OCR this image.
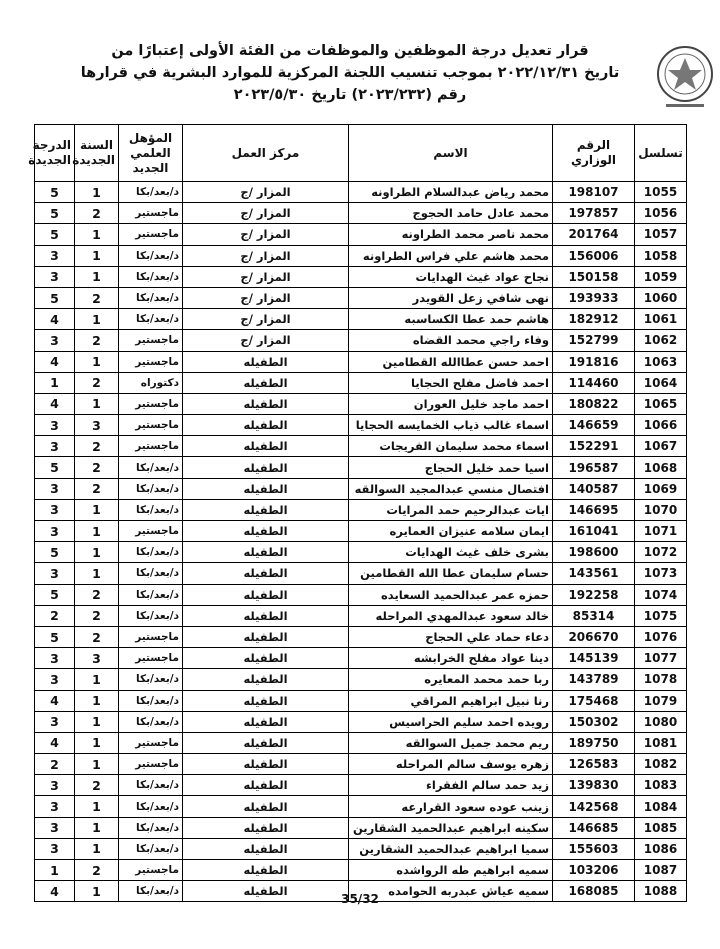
قرار تعديل درجة الموظفين والموظفات من الفئة الأولى إعتبارًا من
تاريخ ٢٠٢٢/١٢/٣١ بموجب تنسيب اللجنة المركزية للموارد البشرية في قرارها
رقم (٢٠٢٣/٢٣٢) تاريخ ٢٠٢٣/٥/٣٠
تسلسل	الرقم الوزاري	الاسم	مركز العمل	المؤهل العلمي الجديد	السنة الجديدة	الدرجة الجديدة
1055	198107	محمد رياض عبدالسلام الطراونه	المزار /ج	د/بعد/بكا	1	5
1056	197857	محمد عادل حامد الحجوج	المزار /ج	ماجستير	2	5
1057	201764	محمد ناصر محمد الطراونه	المزار /ج	ماجستير	1	5
1058	156006	محمد هاشم علي فراس الطراونه	المزار /ج	د/بعد/بكا	1	3
1059	150158	نجاح عواد غيث الهدايات	المزار /ج	د/بعد/بكا	1	3
1060	193933	نهى شافي زعل القويدر	المزار /ج	د/بعد/بكا	2	5
1061	182912	هاشم حمد عطا الكساسبه	المزار /ج	د/بعد/بكا	1	4
1062	152799	وفاء راجي محمد القضاه	المزار /ج	ماجستير	2	3
1063	191816	احمد حسن عطاالله القطامين	الطفيله	ماجستير	1	4
1064	114460	احمد فاضل مفلح الحجايا	الطفيله	دكتوراه	2	1
1065	180822	احمد ماجد خليل العوران	الطفيله	ماجستير	1	4
1066	146659	اسماء غالب ذياب الخمايسه الحجايا	الطفيله	ماجستير	3	3
1067	152291	اسماء محمد سليمان الفريجات	الطفيله	ماجستير	2	3
1068	196587	اسيا حمد خليل الحجاج	الطفيله	د/بعد/بكا	2	5
1069	140587	افتصال منسي عبدالمجيد السوالقه	الطفيله	د/بعد/بكا	2	3
1070	146695	ايات عبدالرحيم حمد المرايات	الطفيله	د/بعد/بكا	1	3
1071	161041	ايمان سلامه عنيزان العمايره	الطفيله	ماجستير	1	3
1072	198600	بشرى خلف غيث الهدايات	الطفيله	د/بعد/بكا	1	5
1073	143561	حسام سليمان عطا الله القطامين	الطفيله	د/بعد/بكا	1	3
1074	192258	حمزه عمر عبدالحميد السعايده	الطفيله	د/بعد/بكا	2	5
1075	85314	خالد سعود عبدالمهدي المراحله	الطفيله	د/بعد/بكا	2	2
1076	206670	دعاء حماد علي الحجاج	الطفيله	ماجستير	2	5
1077	145139	دينا عواد مفلح الخرابشه	الطفيله	ماجستير	3	3
1078	143789	ربا حمد محمد المعايره	الطفيله	د/بعد/بكا	1	3
1079	175468	رنا نبيل ابراهيم المراقي	الطفيله	د/بعد/بكا	1	4
1080	150302	رويده احمد سليم الحراسيس	الطفيله	د/بعد/بكا	1	3
1081	189750	ريم محمد جميل السوالقه	الطفيله	ماجستير	1	4
1082	126583	زهره يوسف سالم المراحله	الطفيله	ماجستير	1	2
1083	139830	زيد حمد سالم الفقراء	الطفيله	د/بعد/بكا	2	3
1084	142568	زينب عوده سعود القرارعه	الطفيله	د/بعد/بكا	1	3
1085	146685	سكينه ابراهيم عبدالحميد الشقارين	الطفيله	د/بعد/بكا	1	3
1086	155603	سميا ابراهيم عبدالحميد الشقارين	الطفيله	د/بعد/بكا	1	3
1087	103206	سميه ابراهيم طه الرواشده	الطفيله	ماجستير	2	1
1088	168085	سميه عياش عبدربه الحوامده	الطفيله	د/بعد/بكا	1	4
35/32
